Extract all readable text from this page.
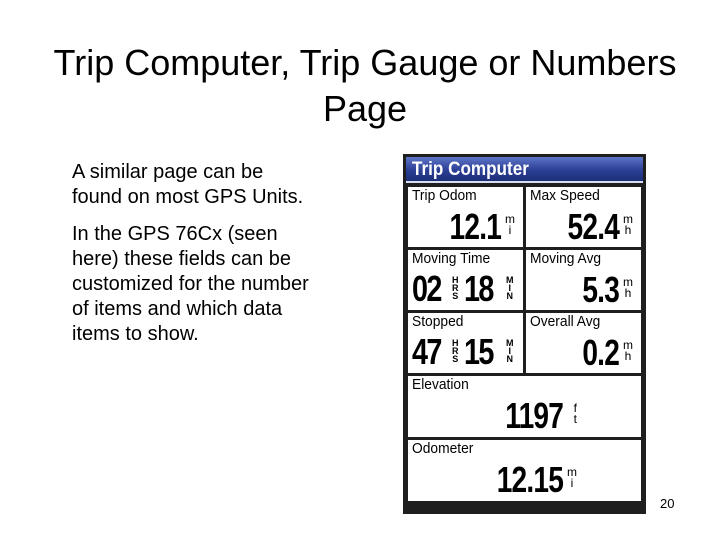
Trip Computer, Trip Gauge or Numbers Page

A similar page can be found on most GPS Units.

In the GPS 76Cx (seen here) these fields can be customized for the number of items and which data items to show.

Trip Computer
Trip Odom
12.1 m
i
Max Speed
52.4 m
h
Moving Time
02 H
R
S 18 M
I
N
Moving Avg
5.3 m
h
Stopped
47 H
R
S 15 M
I
N
Overall Avg
0.2 m
h
Elevation
1197 f
t
Odometer
12.15 m
i
20
